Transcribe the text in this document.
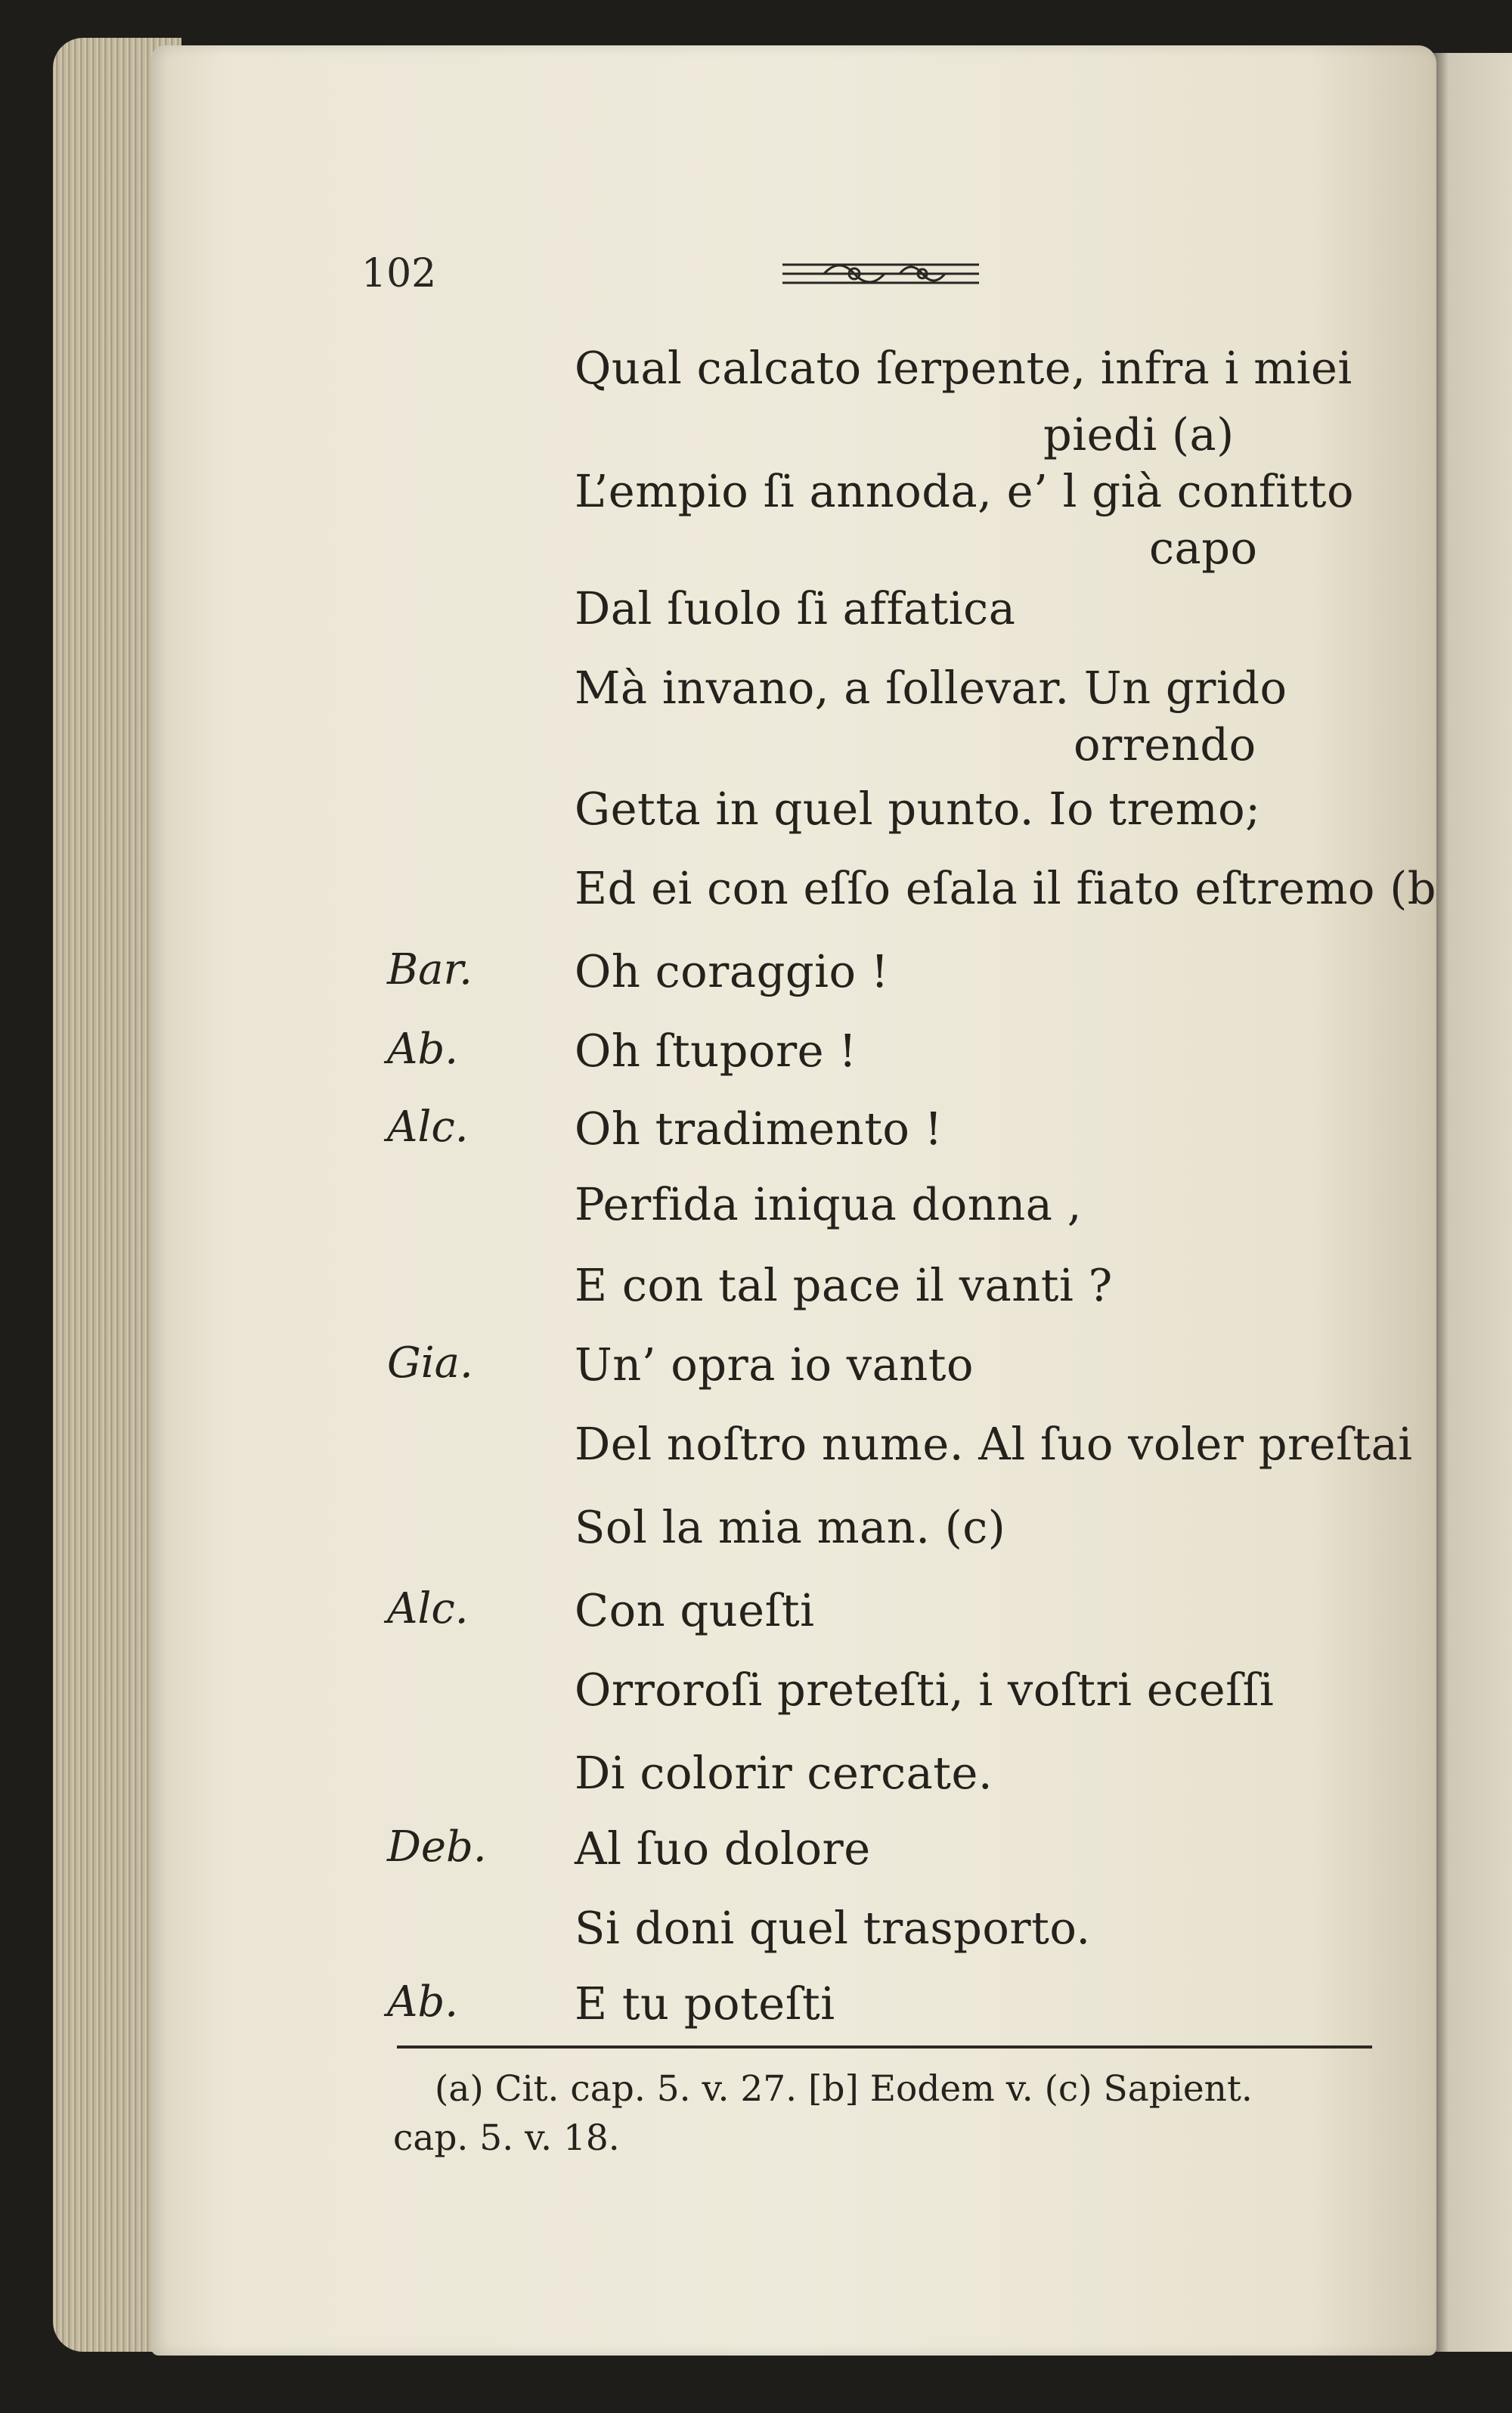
102
Qual calcato ſerpente, infra i miei
piedi (a)
L’empio ſi annoda, e’ l già confitto
capo
Dal ſuolo ſi affatica
Mà invano, a ſollevar. Un grido
orrendo
Getta in quel punto. Io tremo;
Ed ei con eſſo eſala il fiato eſtremo (b
Oh coraggio !
Oh ſtupore !
Oh tradimento !
Perfida iniqua donna ,
E con tal pace il vanti ?
Un’ opra io vanto
Del noſtro nume. Al ſuo voler preſtai
Sol la mia man. (c)
Con queſti
Orroroſi preteſti, i voſtri eceſſi
Di colorir cercate.
Al ſuo dolore
Si doni quel trasporto.
E tu poteſti
Bar.
Ab.
Alc.
Gia.
Alc.
Deb.
Ab.
(a) Cit. cap. 5. v. 27. [b] Eodem v. (c) Sapient.
cap. 5. v. 18.
